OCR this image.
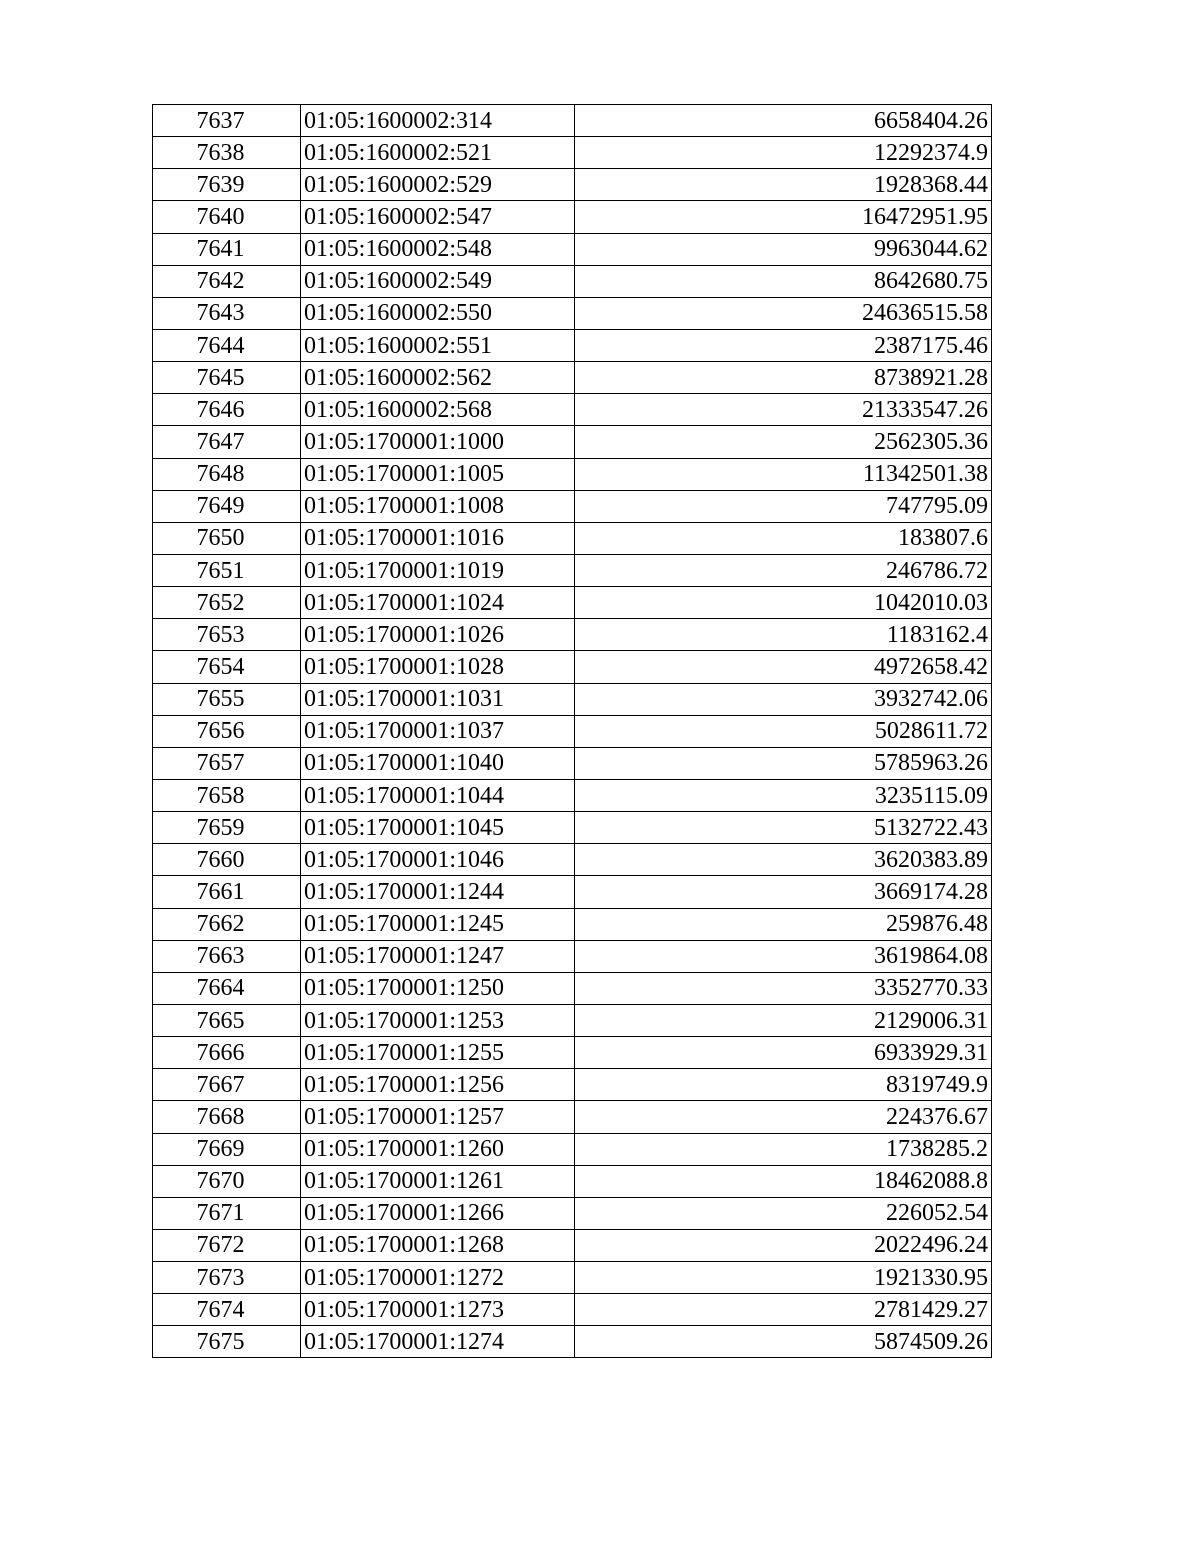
7637	01:05:1600002:314	6658404.26
7638	01:05:1600002:521	12292374.9
7639	01:05:1600002:529	1928368.44
7640	01:05:1600002:547	16472951.95
7641	01:05:1600002:548	9963044.62
7642	01:05:1600002:549	8642680.75
7643	01:05:1600002:550	24636515.58
7644	01:05:1600002:551	2387175.46
7645	01:05:1600002:562	8738921.28
7646	01:05:1600002:568	21333547.26
7647	01:05:1700001:1000	2562305.36
7648	01:05:1700001:1005	11342501.38
7649	01:05:1700001:1008	747795.09
7650	01:05:1700001:1016	183807.6
7651	01:05:1700001:1019	246786.72
7652	01:05:1700001:1024	1042010.03
7653	01:05:1700001:1026	1183162.4
7654	01:05:1700001:1028	4972658.42
7655	01:05:1700001:1031	3932742.06
7656	01:05:1700001:1037	5028611.72
7657	01:05:1700001:1040	5785963.26
7658	01:05:1700001:1044	3235115.09
7659	01:05:1700001:1045	5132722.43
7660	01:05:1700001:1046	3620383.89
7661	01:05:1700001:1244	3669174.28
7662	01:05:1700001:1245	259876.48
7663	01:05:1700001:1247	3619864.08
7664	01:05:1700001:1250	3352770.33
7665	01:05:1700001:1253	2129006.31
7666	01:05:1700001:1255	6933929.31
7667	01:05:1700001:1256	8319749.9
7668	01:05:1700001:1257	224376.67
7669	01:05:1700001:1260	1738285.2
7670	01:05:1700001:1261	18462088.8
7671	01:05:1700001:1266	226052.54
7672	01:05:1700001:1268	2022496.24
7673	01:05:1700001:1272	1921330.95
7674	01:05:1700001:1273	2781429.27
7675	01:05:1700001:1274	5874509.26
